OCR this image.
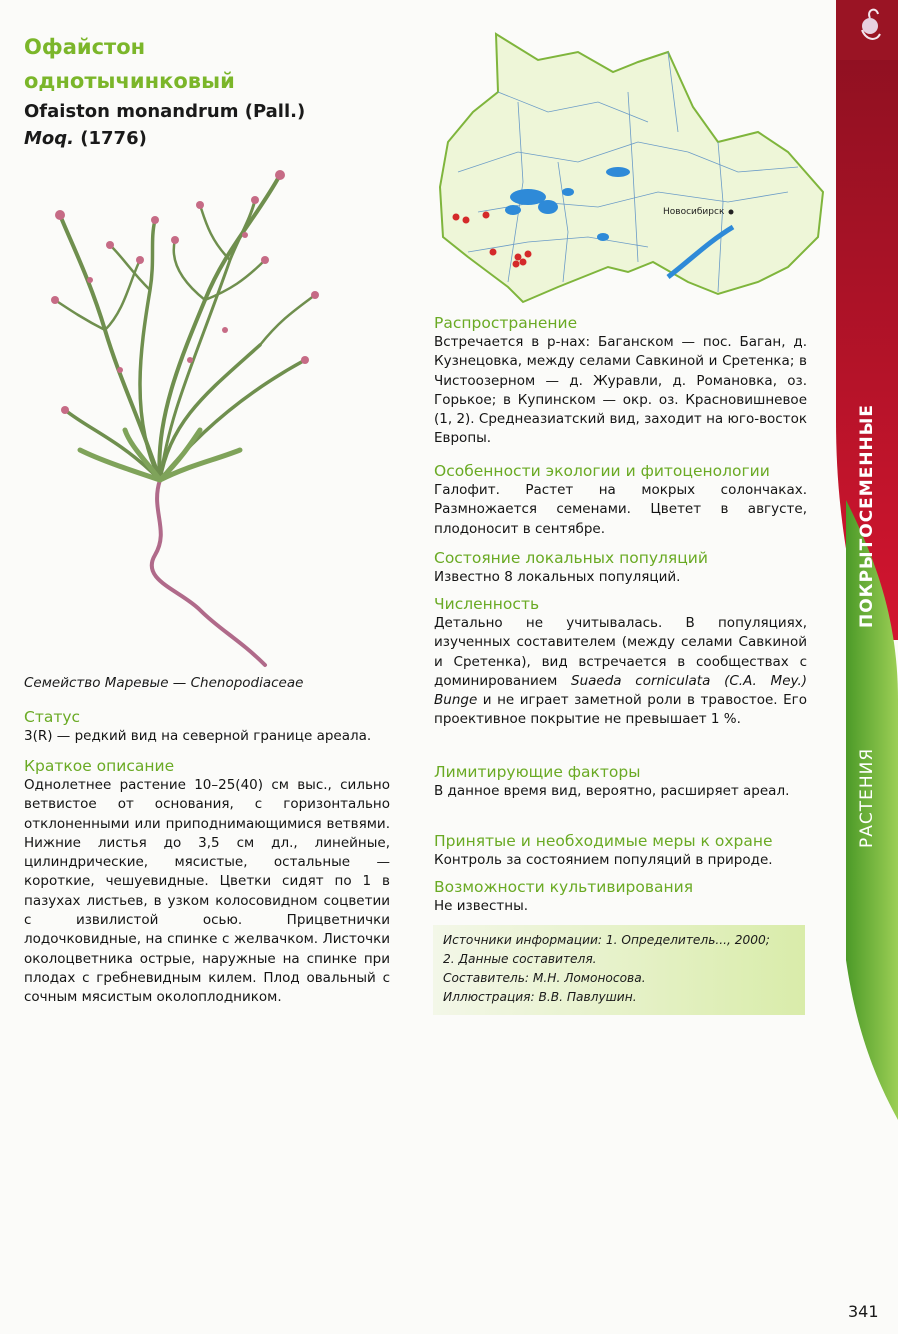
Офайстон
однотычинковый
Ofaiston monandrum (Pall.)
Moq. (1776)
Семейство Маревые — Chenopodiaceae
Статус

3(R) — редкий вид на северной границе ареала.

Краткое описание

Однолетнее растение 10–25(40) см выс., сильно ветвистое от основания, с горизонтально отклоненными или приподнимающимися ветвями. Нижние листья до 3,5 см дл., линейные, цилиндрические, мясистые, остальные — короткие, чешуевидные. Цветки сидят по 1 в пазухах листьев, в узком колосовидном соцветии с извилистой осью. Прицветнички лодочковидные, на спинке с желвачком. Листочки околоцветника острые, наружные на спинке при плодах с гребневидным килем. Плод овальный с сочным мясистым околоплодником.

Новосибирск
Распространение

Встречается в р-нах: Баганском — пос. Баган, д. Кузнецовка, между селами Савкиной и Сретенка; в Чистоозерном — д. Журавли, д. Романовка, оз. Горькое; в Купинском — окр. оз. Красновишневое (1, 2). Среднеазиатский вид, заходит на юго-восток Европы.

Особенности экологии и фитоценологии

Галофит. Растет на мокрых солончаках. Размножается семенами. Цветет в августе, плодоносит в сентябре.

Состояние локальных популяций

Известно 8 локальных популяций.

Численность

Детально не учитывалась. В популяциях, изученных составителем (между селами Савкиной и Сретенка), вид встречается в сообществах с доминированием Suaeda corniculata (C.A. Mey.) Bunge и не играет заметной роли в травостое. Его проективное покрытие не превышает 1 %.

Лимитирующие факторы

В данное время вид, вероятно, расширяет ареал.

Принятые и необходимые меры к охране

Контроль за состоянием популяций в природе.

Возможности культивирования

Не известны.

Источники информации: 1. Определитель..., 2000;

2. Данные составителя.

Составитель: М.Н. Ломоносова.

Иллюстрация: В.В. Павлушин.

ПОКРЫТОСЕМЕННЫЕ
РАСТЕНИЯ
341
